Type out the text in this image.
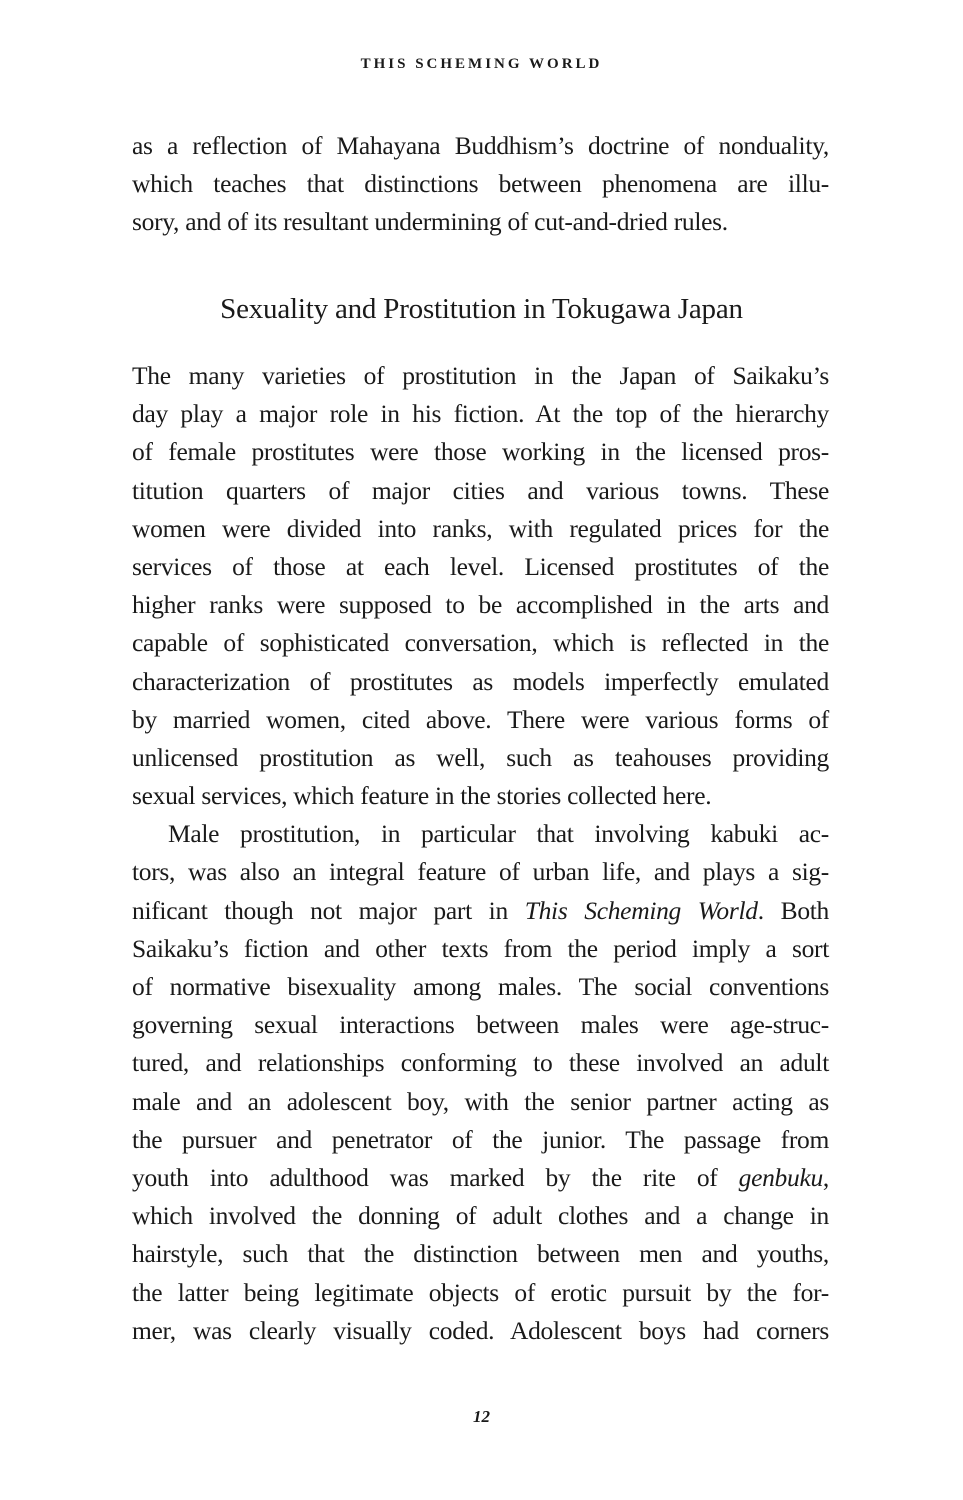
THIS SCHEMING WORLD
as a reflection of Mahayana Buddhism’s doctrine of nonduality,
which teaches that distinctions between phenomena are illu-
sory, and of its resultant undermining of cut-and-dried rules.
Sexuality and Prostitution in Tokugawa Japan
The many varieties of prostitution in the Japan of Saikaku’s
day play a major role in his fiction. At the top of the hierarchy
of female prostitutes were those working in the licensed pros-
titution quarters of major cities and various towns. These
women were divided into ranks, with regulated prices for the
services of those at each level. Licensed prostitutes of the
higher ranks were supposed to be accomplished in the arts and
capable of sophisticated conversation, which is reflected in the
characterization of prostitutes as models imperfectly emulated
by married women, cited above. There were various forms of
unlicensed prostitution as well, such as teahouses providing
sexual services, which feature in the stories collected here.
Male prostitution, in particular that involving kabuki ac-
tors, was also an integral feature of urban life, and plays a sig-
nificant though not major part in This Scheming World. Both
Saikaku’s fiction and other texts from the period imply a sort
of normative bisexuality among males. The social conventions
governing sexual interactions between males were age-struc-
tured, and relationships conforming to these involved an adult
male and an adolescent boy, with the senior partner acting as
the pursuer and penetrator of the junior. The passage from
youth into adulthood was marked by the rite of genbuku,
which involved the donning of adult clothes and a change in
hairstyle, such that the distinction between men and youths,
the latter being legitimate objects of erotic pursuit by the for-
mer, was clearly visually coded. Adolescent boys had corners
12
